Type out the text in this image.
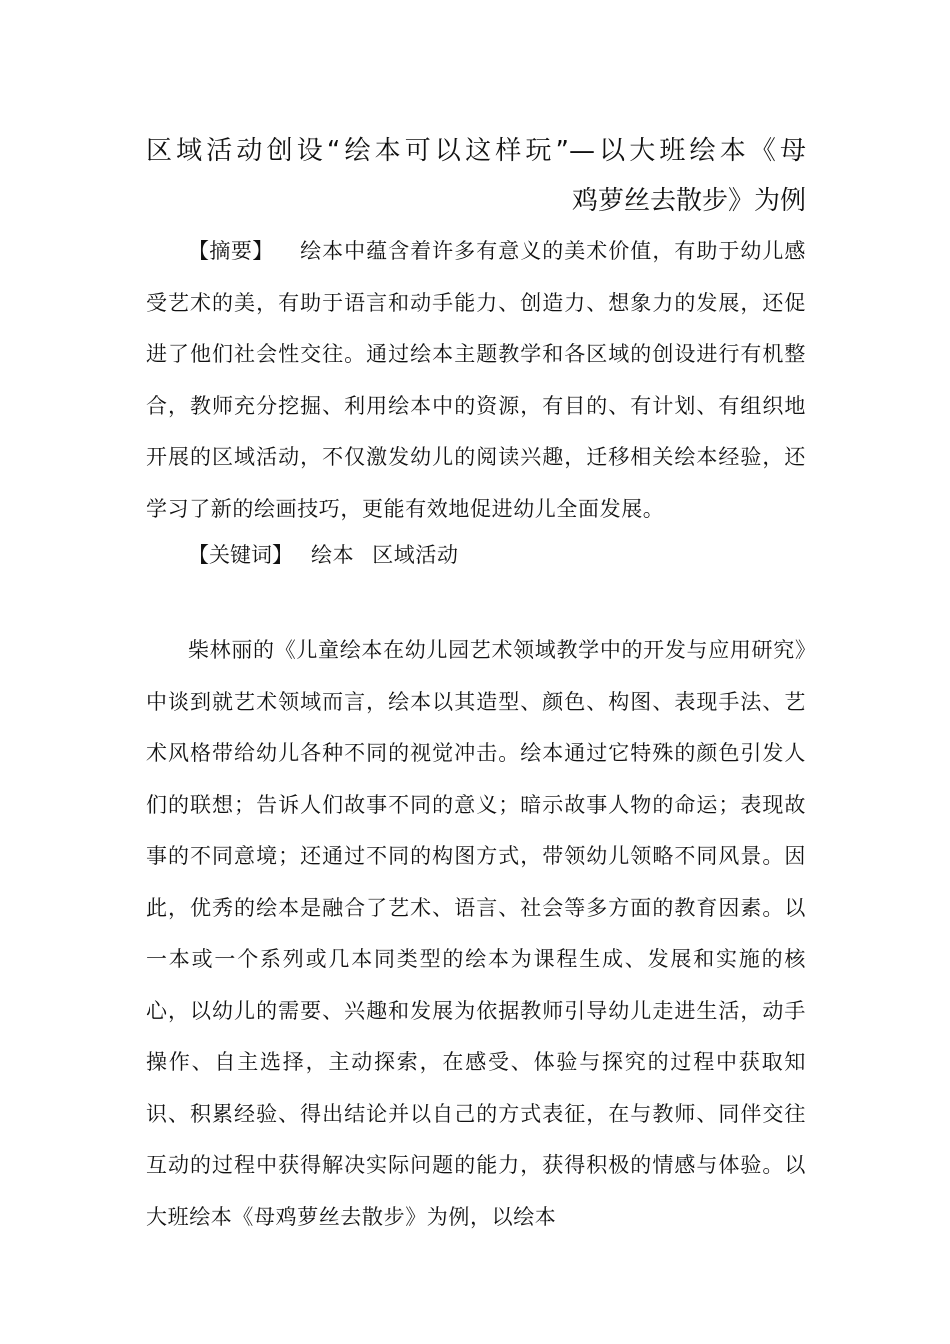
区域活动创设“绘本可以这样玩”—以大班绘本《母
鸡萝丝去散步》为例

【摘要】 绘本中蕴含着许多有意义的美术价值，有助于幼儿感受艺术的美，有助于语言和动手能力、创造力、想象力的发展，还促进了他们社会性交往。通过绘本主题教学和各区域的创设进行有机整合，教师充分挖掘、利用绘本中的资源，有目的、有计划、有组织地开展的区域活动，不仅激发幼儿的阅读兴趣，迁移相关绘本经验，还学习了新的绘画技巧，更能有效地促进幼儿全面发展。

【关键词】 绘本 区域活动

柴林丽的《儿童绘本在幼儿园艺术领域教学中的开发与应用研究》中谈到就艺术领域而言，绘本以其造型、颜色、构图、表现手法、艺术风格带给幼儿各种不同的视觉冲击。绘本通过它特殊的颜色引发人们的联想；告诉人们故事不同的意义；暗示故事人物的命运；表现故事的不同意境；还通过不同的构图方式，带领幼儿领略不同风景。因此，优秀的绘本是融合了艺术、语言、社会等多方面的教育因素。以一本或一个系列或几本同类型的绘本为课程生成、发展和实施的核心，以幼儿的需要、兴趣和发展为依据教师引导幼儿走进生活，动手操作、自主选择，主动探索，在感受、体验与探究的过程中获取知识、积累经验、得出结论并以自己的方式表征，在与教师、同伴交往互动的过程中获得解决实际问题的能力，获得积极的情感与体验。以大班绘本《母鸡萝丝去散步》为例，以绘本
